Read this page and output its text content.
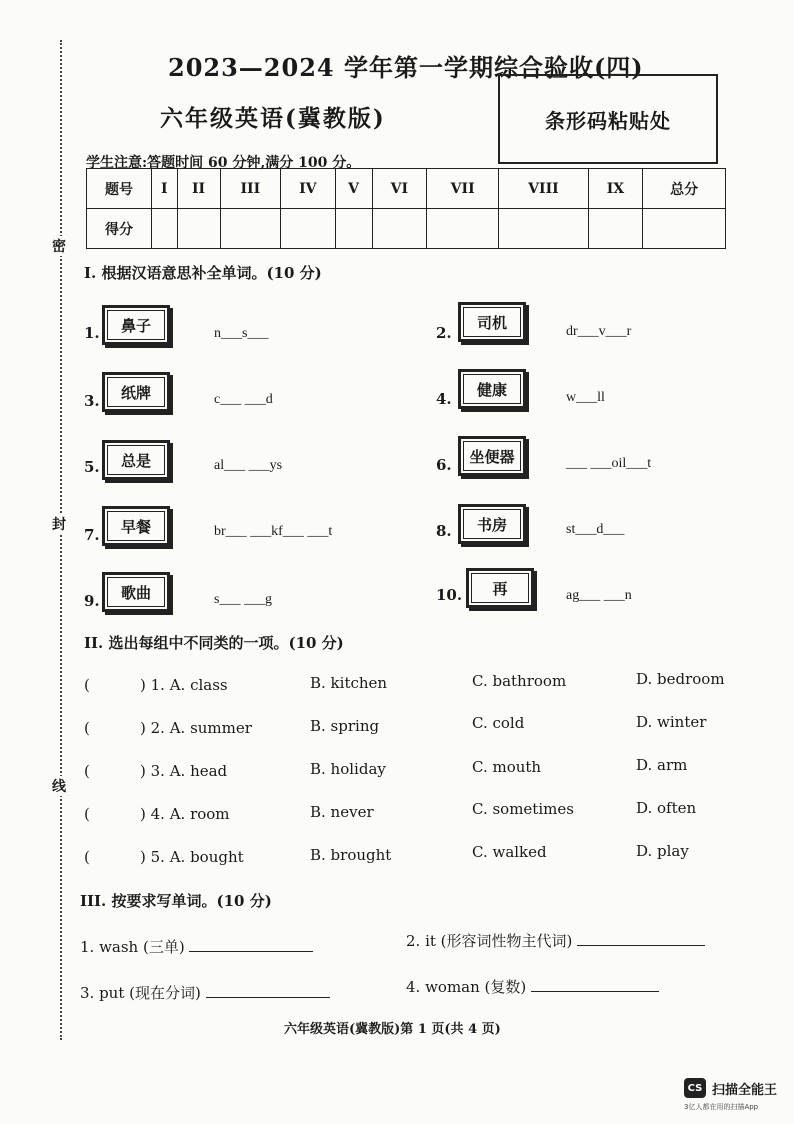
密
封
线
2023—2024 学年第一学期综合验收(四)
六年级英语(冀教版)	条形码粘贴处
学生注意:答题时间 60 分钟,满分 100 分。
题号	I	II	III	IV	V	VI	VII	VIII	IX	总分
得分										
I. 根据汉语意思补全单词。(10 分)
1. 鼻子	n___s___
3. 纸牌	c___ ___d
5. 总是	al___ ___ys
7. 早餐	br___ ___kf___ ___t
9. 歌曲	s___ ___g
2.
司机	dr___v___r
4.
健康	w___ll
6. 坐便器	___ ___oil___t
8. 书房	st___d___
10. 再	ag___ ___n
II. 选出每组中不同类的一项。(10 分)
(	) 1. A. class	B. kitchen	C. bathroom	D. bedroom
(	) 2. A. summer	B. spring	C. cold	D. winter
(	) 3. A. head	B. holiday	C. mouth	D. arm
(	) 4. A. room	B. never	C. sometimes	D. often
(	) 5. A. bought	B. brought	C. walked	D. play
III. 按要求写单词。(10 分)
1. wash (三单)	2. it (形容词性物主代词)
3. put (现在分词)	4. woman (复数)
六年级英语(冀教版)第 1 页(共 4 页)
CS 扫描全能王
3亿人都在用的扫描App
